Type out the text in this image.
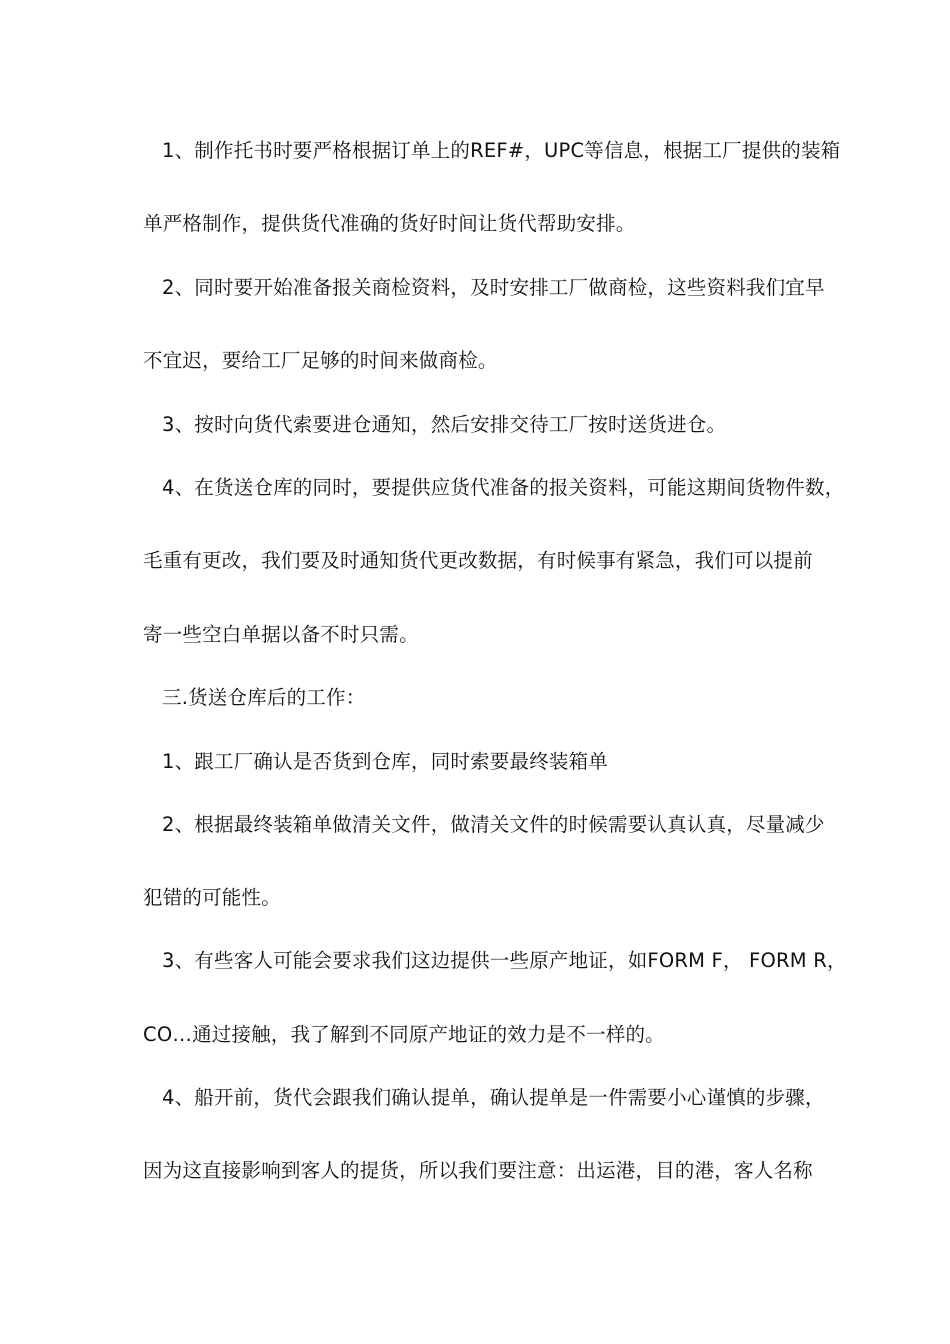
1、制作托书时要严格根据订单上的REF#，UPC等信息，根据工厂提供的装箱
单严格制作，提供货代准确的货好时间让货代帮助安排。
2、同时要开始准备报关商检资料，及时安排工厂做商检，这些资料我们宜早
不宜迟，要给工厂足够的时间来做商检。
3、按时向货代索要进仓通知，然后安排交待工厂按时送货进仓。
4、在货送仓库的同时，要提供应货代准备的报关资料，可能这期间货物件数，
毛重有更改，我们要及时通知货代更改数据，有时候事有紧急，我们可以提前
寄一些空白单据以备不时只需。
三.货送仓库后的工作：
1、跟工厂确认是否货到仓库，同时索要最终装箱单
2、根据最终装箱单做清关文件，做清关文件的时候需要认真认真，尽量减少
犯错的可能性。
3、有些客人可能会要求我们这边提供一些原产地证，如FORM F， FORM R，
CO…通过接触，我了解到不同原产地证的效力是不一样的。
4、船开前，货代会跟我们确认提单，确认提单是一件需要小心谨慎的步骤，
因为这直接影响到客人的提货，所以我们要注意：出运港，目的港，客人名称
